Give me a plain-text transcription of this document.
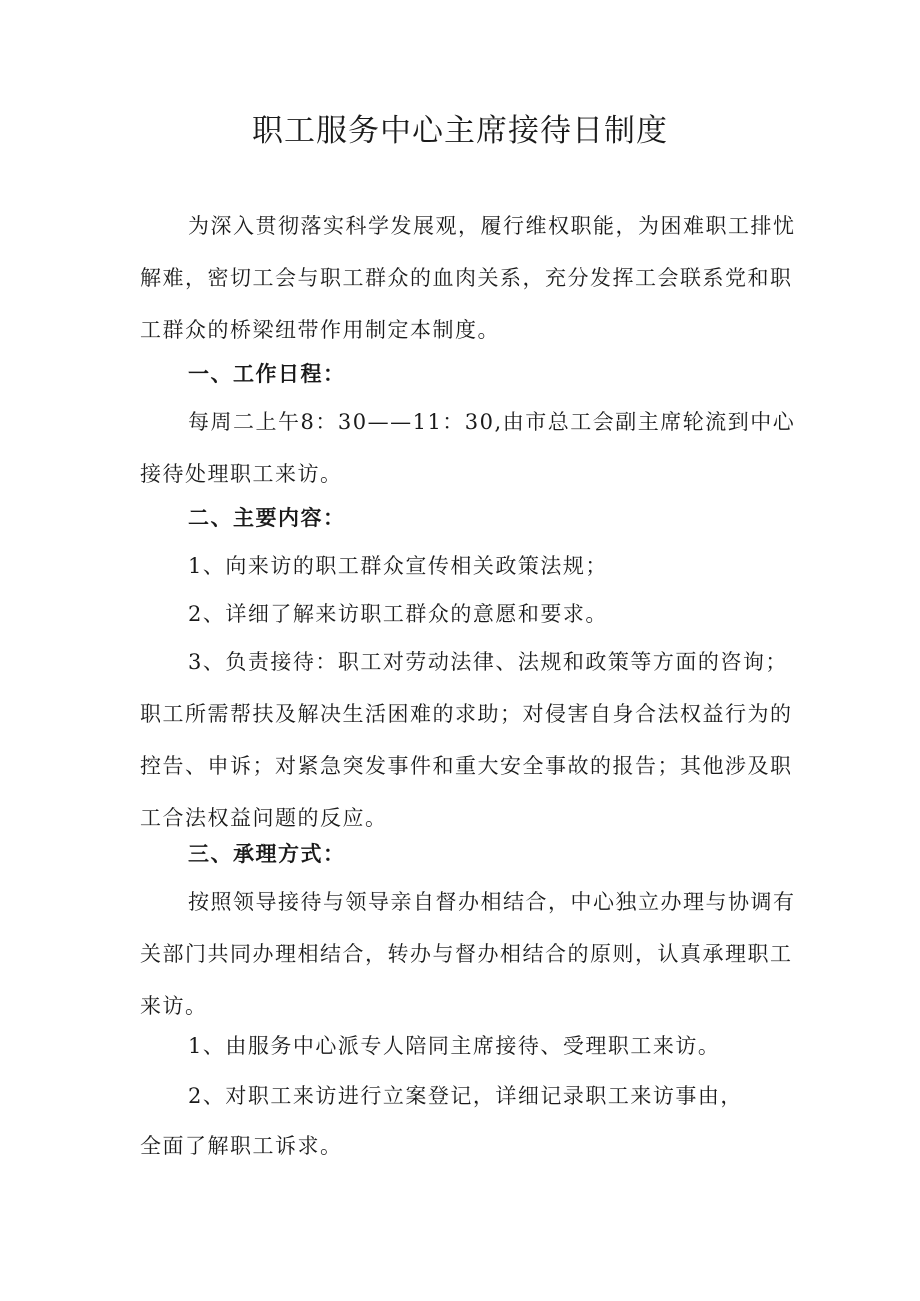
职工服务中心主席接待日制度

为深入贯彻落实科学发展观，履行维权职能，为困难职工排忧解难，密切工会与职工群众的血肉关系，充分发挥工会联系党和职工群众的桥梁纽带作用制定本制度。

一、工作日程：

每周二上午8：30——11：30,由市总工会副主席轮流到中心接待处理职工来访。

二、主要内容：

1、向来访的职工群众宣传相关政策法规；

2、详细了解来访职工群众的意愿和要求。

3、负责接待：职工对劳动法律、法规和政策等方面的咨询；职工所需帮扶及解决生活困难的求助；对侵害自身合法权益行为的控告、申诉；对紧急突发事件和重大安全事故的报告；其他涉及职工合法权益问题的反应。

三、承理方式：

按照领导接待与领导亲自督办相结合，中心独立办理与协调有关部门共同办理相结合，转办与督办相结合的原则，认真承理职工来访。

1、由服务中心派专人陪同主席接待、受理职工来访。

2、对职工来访进行立案登记，详细记录职工来访事由，
全面了解职工诉求。
